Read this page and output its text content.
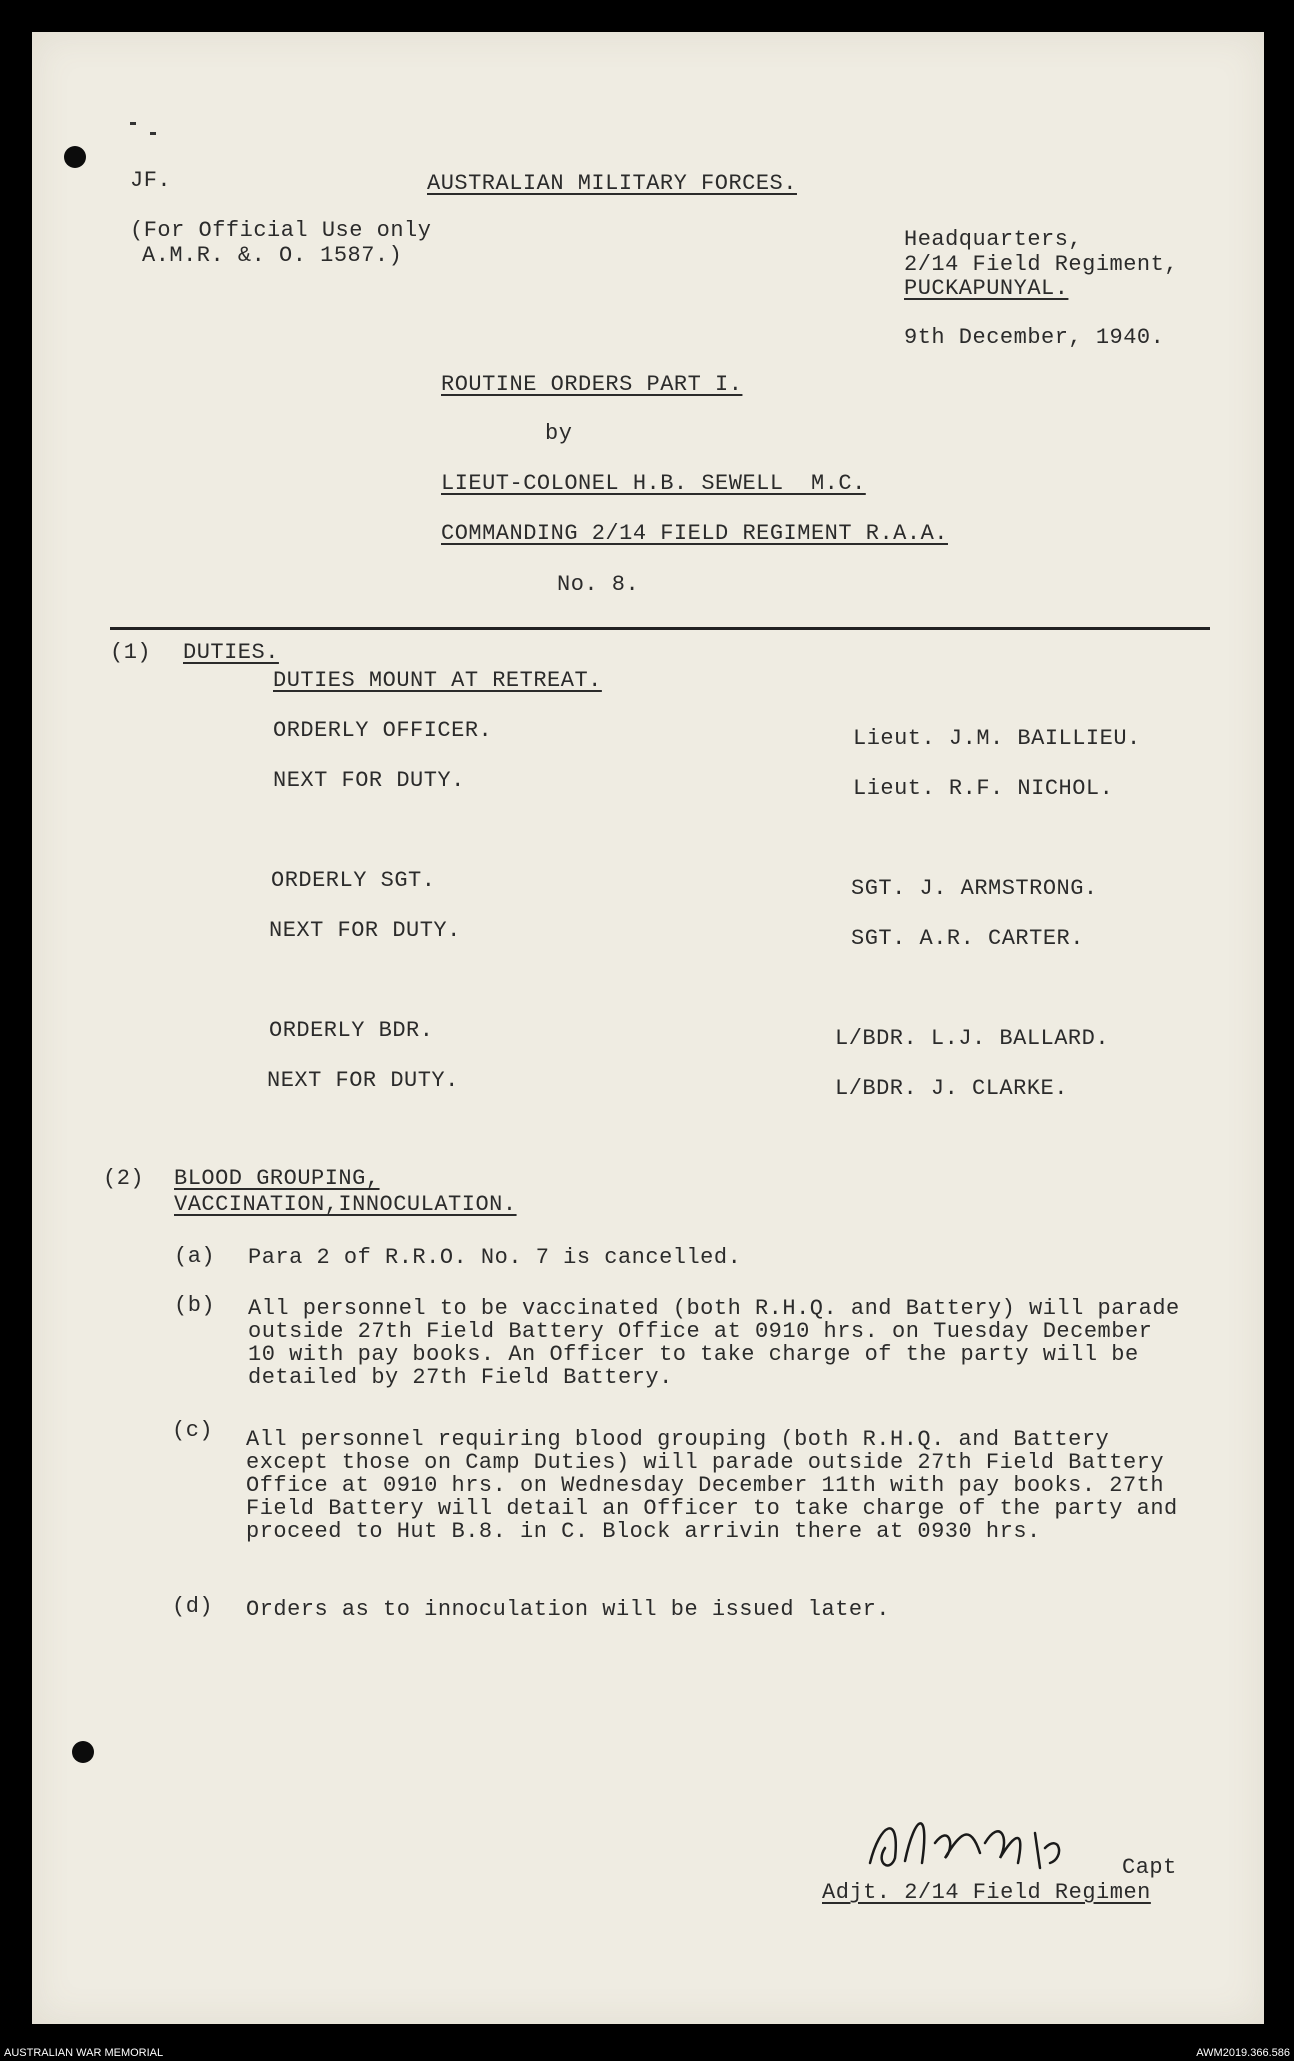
JF.	AUSTRALIAN MILITARY FORCES.
(For Official Use only
A.M.R. &. O. 1587.)
Headquarters,
2/14 Field Regiment,
PUCKAPUNYAL.
9th December, 1940.
ROUTINE ORDERS PART I.
by
LIEUT-COLONEL H.B. SEWELL  M.C.
COMMANDING 2/14 FIELD REGIMENT R.A.A.
No. 8.
(1) DUTIES.
DUTIES MOUNT AT RETREAT.
ORDERLY OFFICER.	Lieut. J.M. BAILLIEU.
NEXT FOR DUTY.	Lieut. R.F. NICHOL.
ORDERLY SGT.	SGT. J. ARMSTRONG.
NEXT FOR DUTY.	SGT. A.R. CARTER.
ORDERLY BDR.	L/BDR. L.J. BALLARD.
NEXT FOR DUTY.	L/BDR. J. CLARKE.
(2) BLOOD GROUPING,
VACCINATION,INNOCULATION.
(a) Para 2 of R.R.O. No. 7 is cancelled.
(b) All personnel to be vaccinated (both R.H.Q. and Battery) will parade outside 27th Field Battery Office at 0910 hrs. on Tuesday December 10 with pay books. An Officer to take charge of the party will be detailed by 27th Field Battery.
(c) All personnel requiring blood grouping (both R.H.Q. and Battery except those on Camp Duties) will parade outside 27th Field Battery Office at 0910 hrs. on Wednesday December 11th with pay books. 27th Field Battery will detail an Officer to take charge of the party and proceed to Hut B.8. in C. Block arrivin there at 0930 hrs.
(d) Orders as to innoculation will be issued later.
Capt
Adjt. 2/14 Field Regimen
AUSTRALIAN WAR MEMORIAL	AWM2019.366.586
